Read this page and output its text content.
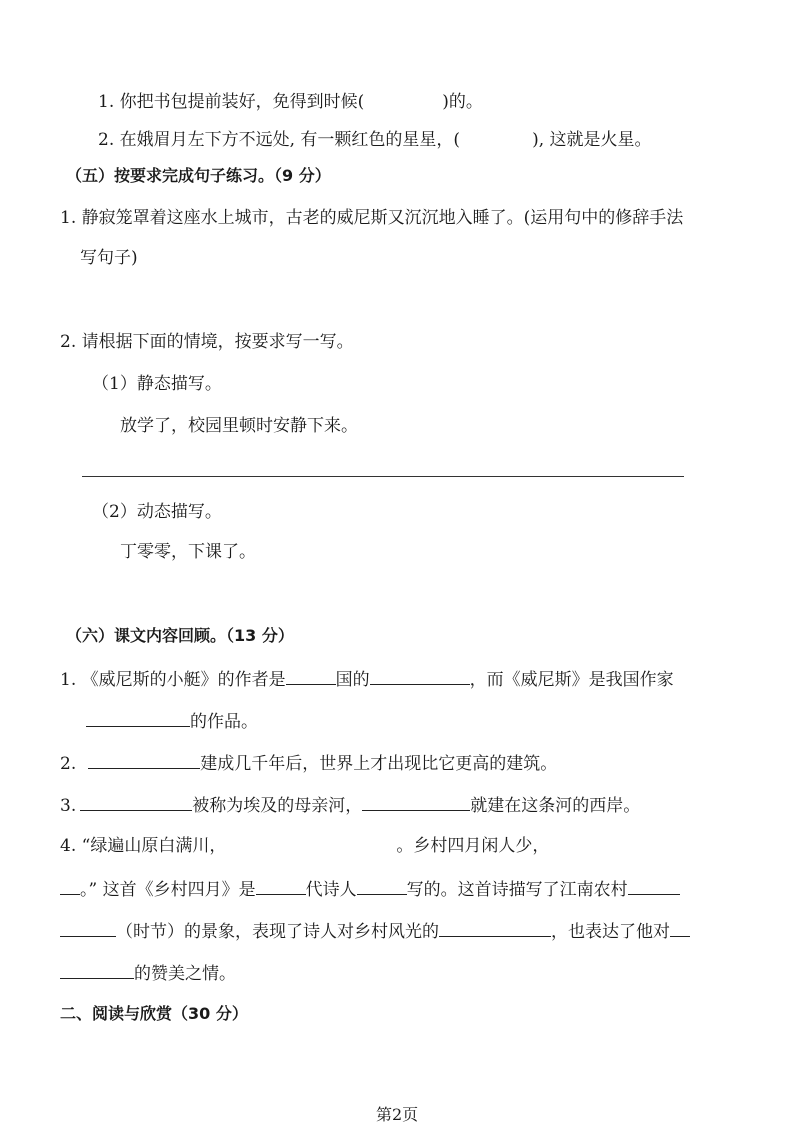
1. 你把书包提前装好，免得到时候(	)的。
2. 在娥眉月左下方不远处, 有一颗红色的星星，(	), 这就是火星。
（五）按要求完成句子练习。（9 分）
1. 静寂笼罩着这座水上城市，古老的威尼斯又沉沉地入睡了。(运用句中的修辞手法
写句子)
2. 请根据下面的情境，按要求写一写。
（1）静态描写。
放学了，校园里顿时安静下来。
（2）动态描写。
丁零零，下课了。
（六）课文内容回顾。（13 分）
1. 《威尼斯的小艇》的作者是	国的	，而《威尼斯》是我国作家
的作品。
2.	建成几千年后，世界上才出现比它更高的建筑。
3.	被称为埃及的母亲河，	就建在这条河的西岸。
4. “绿遍山原白满川，	。乡村四月闲人少，
。” 这首《乡村四月》是	代诗人	写的。这首诗描写了江南农村
（时节）的景象，表现了诗人对乡村风光的	，也表达了他对
的赞美之情。
二、阅读与欣赏（30 分）
第2页
